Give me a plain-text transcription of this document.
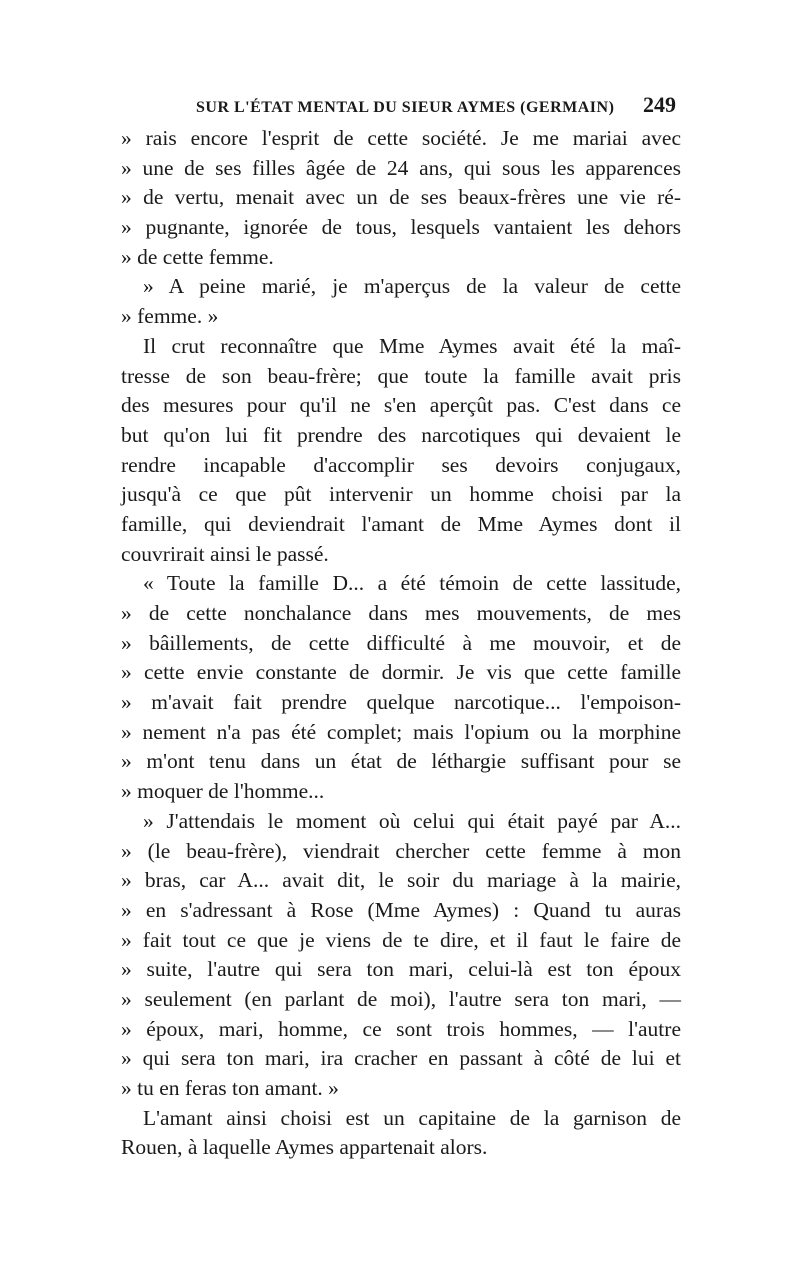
SUR L'ÉTAT MENTAL DU SIEUR AYMES (GERMAIN) 249
» rais encore l'esprit de cette société. Je me mariai avec
» une de ses filles âgée de 24 ans, qui sous les apparences
» de vertu, menait avec un de ses beaux-frères une vie ré-
» pugnante, ignorée de tous, lesquels vantaient les dehors
» de cette femme.
» A peine marié, je m'aperçus de la valeur de cette
» femme. »
Il crut reconnaître que Mme Aymes avait été la maî-
tresse de son beau-frère; que toute la famille avait pris
des mesures pour qu'il ne s'en aperçût pas. C'est dans ce
but qu'on lui fit prendre des narcotiques qui devaient le
rendre incapable d'accomplir ses devoirs conjugaux,
jusqu'à ce que pût intervenir un homme choisi par la
famille, qui deviendrait l'amant de Mme Aymes dont il
couvrirait ainsi le passé.
« Toute la famille D... a été témoin de cette lassitude,
» de cette nonchalance dans mes mouvements, de mes
» bâillements, de cette difficulté à me mouvoir, et de
» cette envie constante de dormir. Je vis que cette famille
» m'avait fait prendre quelque narcotique... l'empoison-
» nement n'a pas été complet; mais l'opium ou la morphine
» m'ont tenu dans un état de léthargie suffisant pour se
» moquer de l'homme...
» J'attendais le moment où celui qui était payé par A...
» (le beau-frère), viendrait chercher cette femme à mon
» bras, car A... avait dit, le soir du mariage à la mairie,
» en s'adressant à Rose (Mme Aymes) : Quand tu auras
» fait tout ce que je viens de te dire, et il faut le faire de
» suite, l'autre qui sera ton mari, celui-là est ton époux
» seulement (en parlant de moi), l'autre sera ton mari, —
» époux, mari, homme, ce sont trois hommes, — l'autre
» qui sera ton mari, ira cracher en passant à côté de lui et
» tu en feras ton amant. »
L'amant ainsi choisi est un capitaine de la garnison de
Rouen, à laquelle Aymes appartenait alors.
